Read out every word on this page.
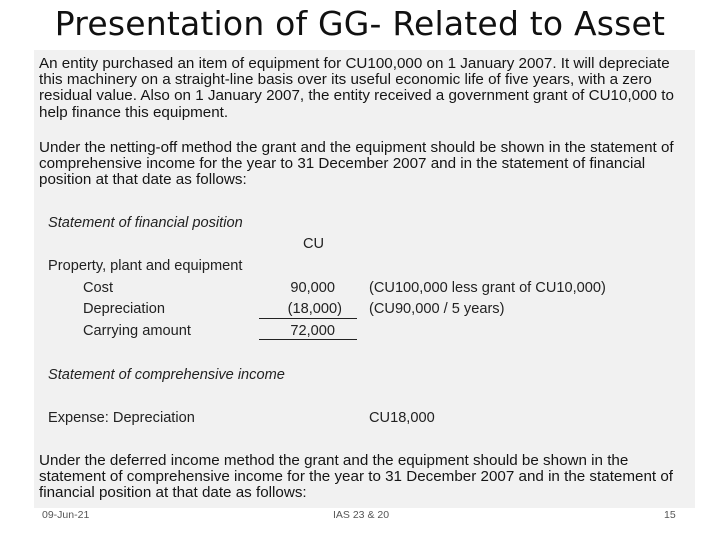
Presentation of GG- Related to Asset
An entity purchased an item of equipment for CU100,000 on 1 January 2007. It will depreciate this machinery on a straight-line basis over its useful economic life of five years, with a zero residual value. Also on 1 January 2007, the entity received a government grant of CU10,000 to help finance this equipment.
Under the netting-off method the grant and the equipment should be shown in the statement of comprehensive income for the year to 31 December 2007 and in the statement of financial position at that date as follows:
Statement of financial position
CU
Property, plant and equipment
Cost	90,000 (CU100,000 less grant of CU10,000)
Depreciation	(18,000) (CU90,000 / 5 years)
Carrying amount	72,000
Statement of comprehensive income
Expense: Depreciation	CU18,000
Under the deferred income method the grant and the equipment should be shown in the statement of comprehensive income for the year to 31 December 2007 and in the statement of financial position at that date as follows:
09-Jun-21	IAS 23 & 20	15
